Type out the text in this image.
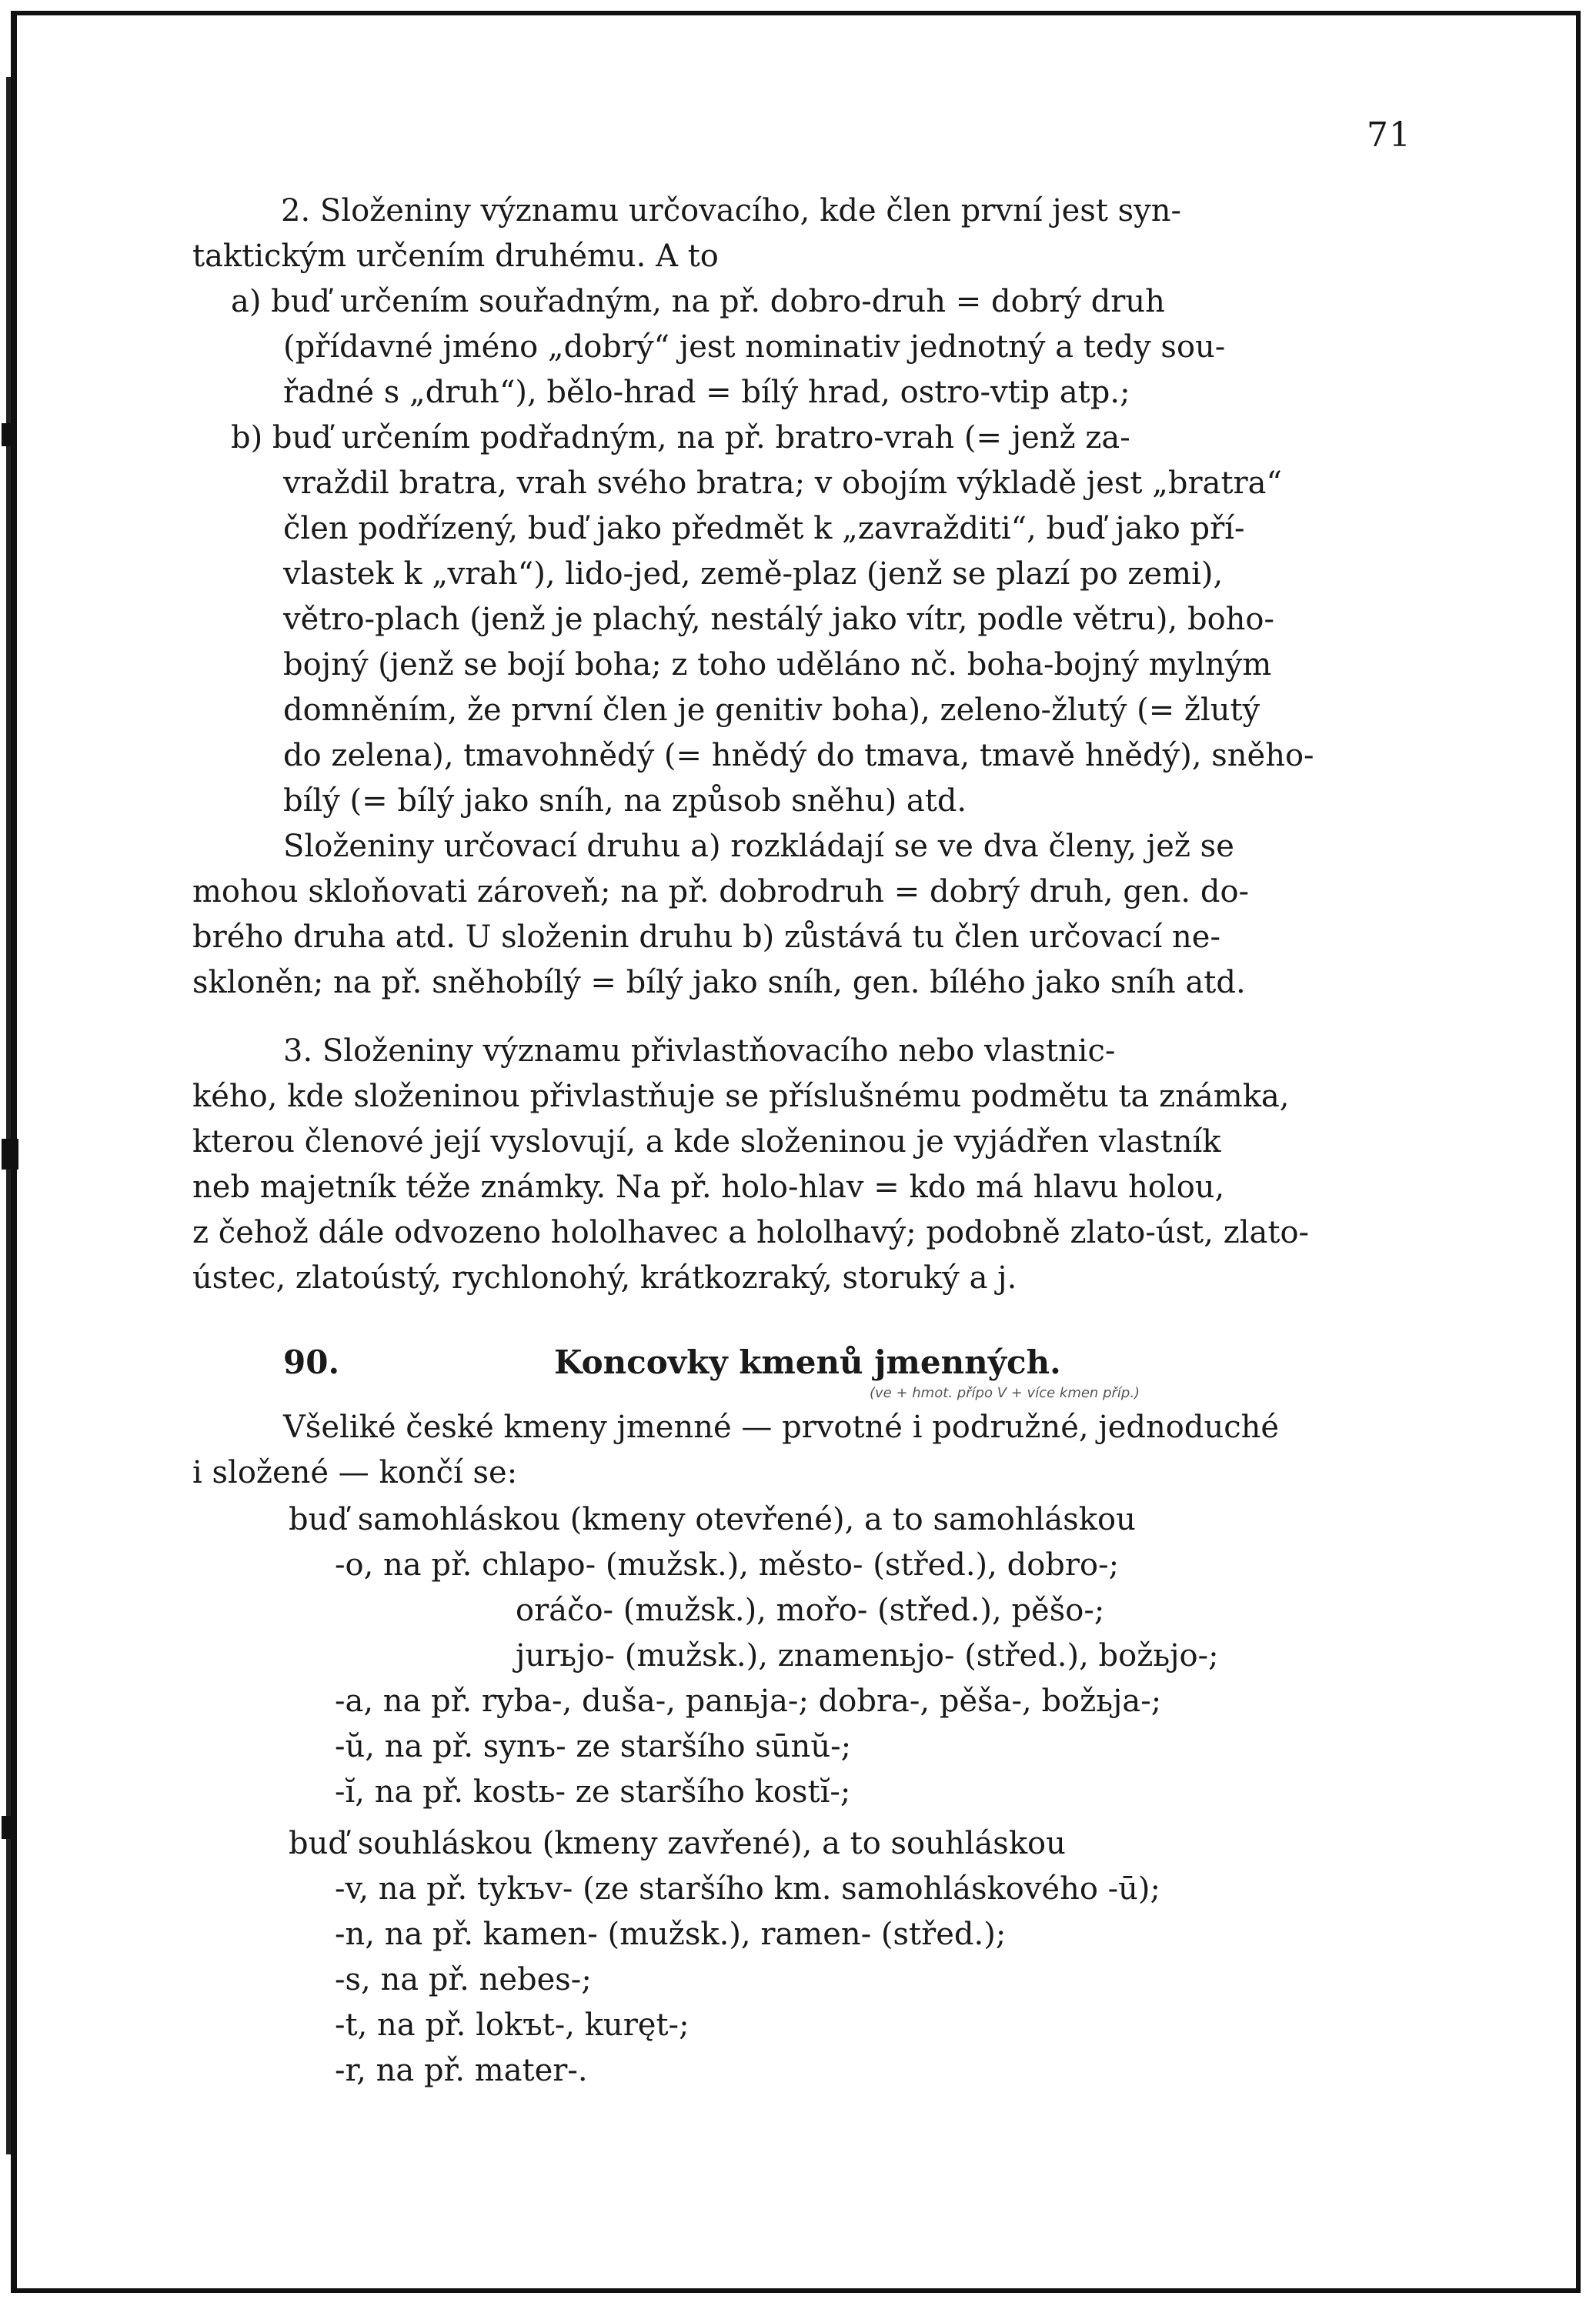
71
2. Složeniny významu určovacího, kde člen první jest syn-
taktickým určením druhému. A to
a) buď určením souřadným, na př. dobro-druh = dobrý druh
(přídavné jméno „dobrý“ jest nominativ jednotný a tedy sou-
řadné s „druh“), bělo-hrad = bílý hrad, ostro-vtip atp.;
b) buď určením podřadným, na př. bratro-vrah (= jenž za-
vraždil bratra, vrah svého bratra; v obojím výkladě jest „bratra“
člen podřízený, buď jako předmět k „zavražditi“, buď jako pří-
vlastek k „vrah“), lido-jed, země-plaz (jenž se plazí po zemi),
větro-plach (jenž je plachý, nestálý jako vítr, podle větru), boho-
bojný (jenž se bojí boha; z toho uděláno nč. boha-bojný mylným
domněním, že první člen je genitiv boha), zeleno-žlutý (= žlutý
do zelena), tmavohnědý (= hnědý do tmava, tmavě hnědý), sněho-
bílý (= bílý jako sníh, na způsob sněhu) atd.
Složeniny určovací druhu a) rozkládají se ve dva členy, jež se
mohou skloňovati zároveň; na př. dobrodruh = dobrý druh, gen. do-
brého druha atd. U složenin druhu b) zůstává tu člen určovací ne-
skloněn; na př. sněhobílý = bílý jako sníh, gen. bílého jako sníh atd.
3. Složeniny významu přivlastňovacího nebo vlastnic-
kého, kde složeninou přivlastňuje se příslušnému podmětu ta známka,
kterou členové její vyslovují, a kde složeninou je vyjádřen vlastník
neb majetník téže známky. Na př. holo-hlav = kdo má hlavu holou,
z čehož dále odvozeno hololhavec a hololhavý; podobně zlato-úst, zlato-
ústec, zlatoústý, rychlonohý, krátkozraký, storuký a j.
90.	Koncovky kmenů jmenných.
(ve + hmot. přípo V + více kmen příp.)
Všeliké české kmeny jmenné — prvotné i podružné, jednoduché
i složené — končí se:
buď samohláskou (kmeny otevřené), a to samohláskou
-o, na př. chlapo- (mužsk.), město- (střed.), dobro-;
oráčo- (mužsk.), mořo- (střed.), pěšo-;
jurьjo- (mužsk.), znamenьjo- (střed.), božьjo-;
-a, na př. ryba-, duša-, panьja-; dobra-, pěša-, božьja-;
-ŭ, na př. synъ- ze staršího sūnŭ-;
-ĭ, na př. kostь- ze staršího kostĭ-;
buď souhláskou (kmeny zavřené), a to souhláskou
-v, na př. tykъv- (ze staršího km. samohláskového -ū);
-n, na př. kamen- (mužsk.), ramen- (střed.);
-s, na př. nebes-;
-t, na př. lokъt-, kuręt-;
-r, na př. mater-.
